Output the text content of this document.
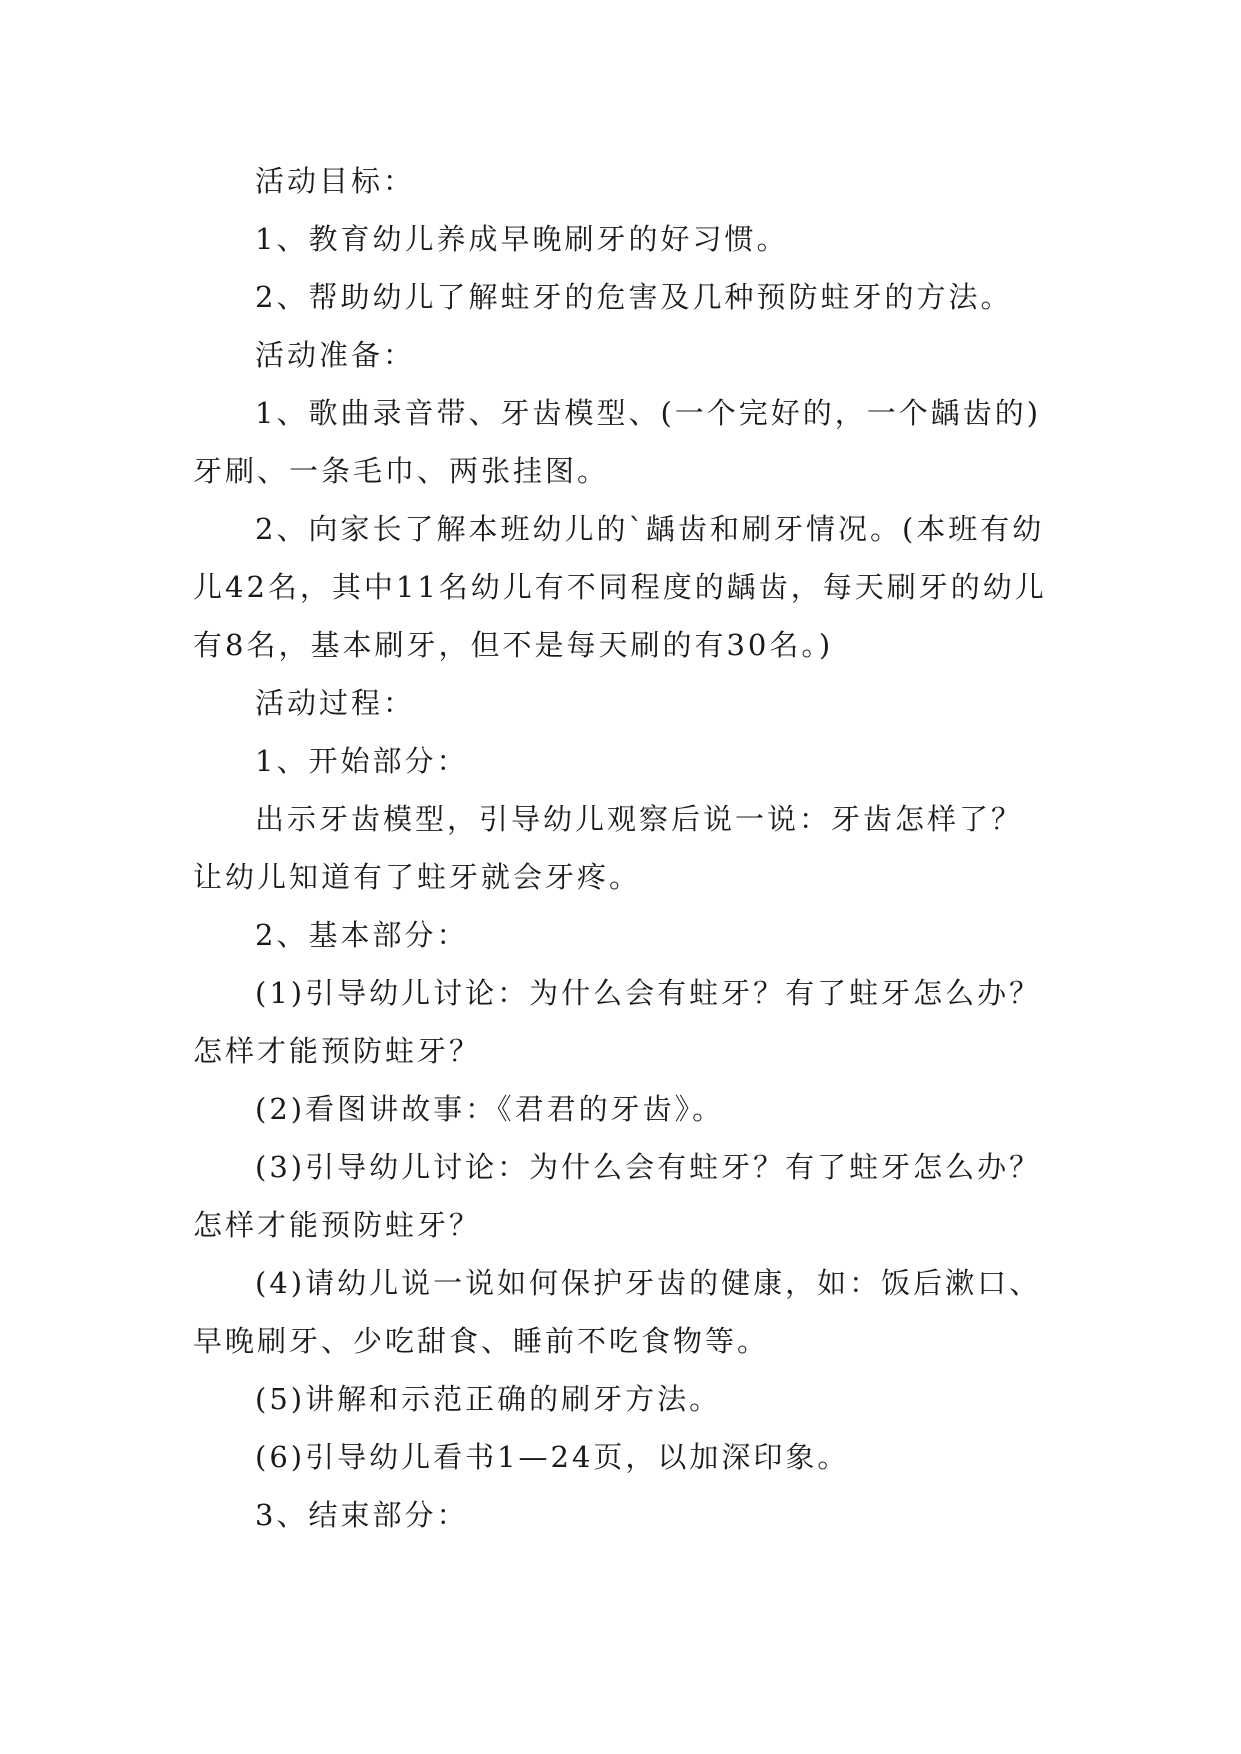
活动目标：

1、教育幼儿养成早晚刷牙的好习惯。

2、帮助幼儿了解蛀牙的危害及几种预防蛀牙的方法。

活动准备：

1、歌曲录音带、牙齿模型、(一个完好的，一个龋齿的)牙刷、一条毛巾、两张挂图。

2、向家长了解本班幼儿的`龋齿和刷牙情况。(本班有幼儿42名，其中11名幼儿有不同程度的龋齿，每天刷牙的幼儿有8名，基本刷牙，但不是每天刷的有30名。)

活动过程：

1、开始部分：

出示牙齿模型，引导幼儿观察后说一说：牙齿怎样了？让幼儿知道有了蛀牙就会牙疼。

2、基本部分：

(1)引导幼儿讨论：为什么会有蛀牙？有了蛀牙怎么办？怎样才能预防蛀牙？

(2)看图讲故事：《君君的牙齿》。

(3)引导幼儿讨论：为什么会有蛀牙？有了蛀牙怎么办？怎样才能预防蛀牙？

(4)请幼儿说一说如何保护牙齿的健康，如：饭后漱口、早晚刷牙、少吃甜食、睡前不吃食物等。

(5)讲解和示范正确的刷牙方法。

(6)引导幼儿看书1—24页，以加深印象。

3、结束部分：
